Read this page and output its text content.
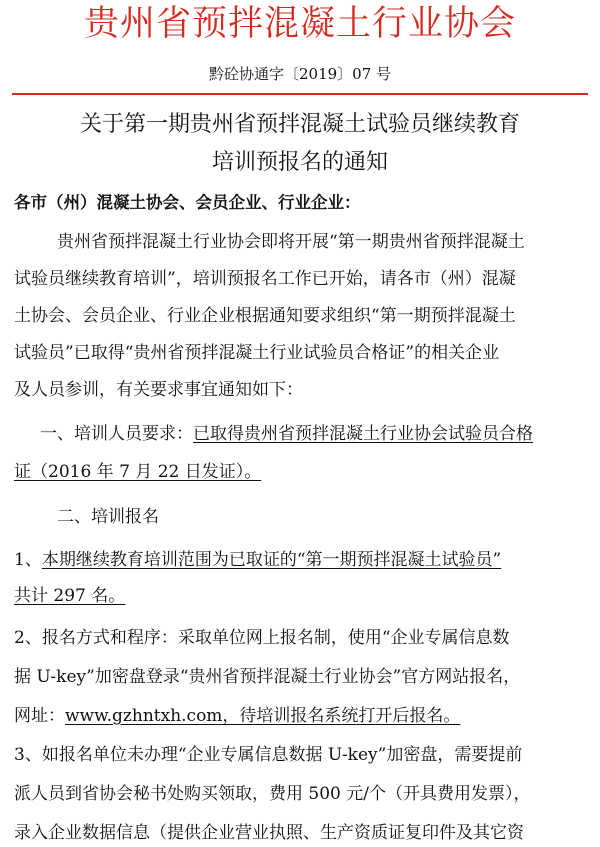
贵州省预拌混凝土行业协会
黔砼协通字〔2019〕07 号
关于第一期贵州省预拌混凝土试验员继续教育
培训预报名的通知
各市（州）混凝土协会、会员企业、行业企业：
贵州省预拌混凝土行业协会即将开展“第一期贵州省预拌混凝土
试验员继续教育培训”，培训预报名工作已开始，请各市（州）混凝
土协会、会员企业、行业企业根据通知要求组织“第一期预拌混凝土
试验员”已取得“贵州省预拌混凝土行业试验员合格证”的相关企业
及人员参训，有关要求事宜通知如下：
一、培训人员要求：已取得贵州省预拌混凝土行业协会试验员合格
证（2016 年 7 月 22 日发证）。
二、培训报名
1、本期继续教育培训范围为已取证的“第一期预拌混凝土试验员”
共计 297 名。
2、报名方式和程序：采取单位网上报名制，使用“企业专属信息数
据 U-key”加密盘登录“贵州省预拌混凝土行业协会”官方网站报名，
网址：www.gzhntxh.com，待培训报名系统打开后报名。
3、如报名单位未办理“企业专属信息数据 U-key”加密盘，需要提前
派人员到省协会秘书处购买领取，费用 500 元/个（开具费用发票），
录入企业数据信息（提供企业营业执照、生产资质证复印件及其它资
